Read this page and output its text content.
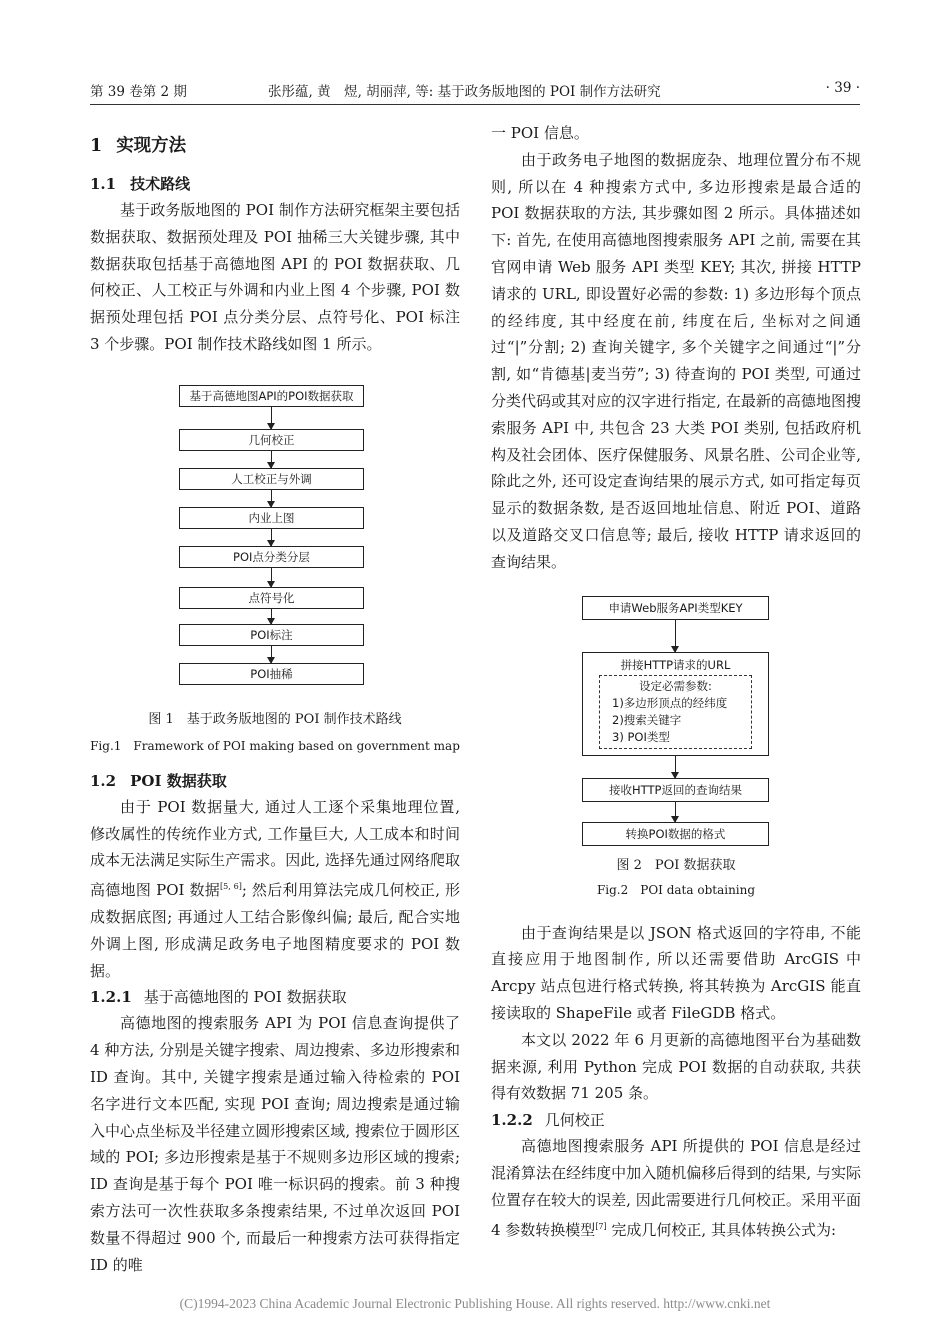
第 39 卷第 2 期	张彤蕴, 黄　煜, 胡丽萍, 等: 基于政务版地图的 POI 制作方法研究	· 39 ·
1 实现方法
1.1 技术路线

基于政务版地图的 POI 制作方法研究框架主要包括数据获取、数据预处理及 POI 抽稀三大关键步骤, 其中数据获取包括基于高德地图 API 的 POI 数据获取、几何校正、人工校正与外调和内业上图 4 个步骤, POI 数据预处理包括 POI 点分类分层、点符号化、POI 标注 3 个步骤。POI 制作技术路线如图 1 所示。

基于高德地图API的POI数据获取
几何校正
人工校正与外调
内业上图
POI点分类分层
点符号化
POI标注
POI抽稀
图 1　基于政务版地图的 POI 制作技术路线
Fig.1　Framework of POI making based on government map
1.2 POI 数据获取

由于 POI 数据量大, 通过人工逐个采集地理位置, 修改属性的传统作业方式, 工作量巨大, 人工成本和时间成本无法满足实际生产需求。因此, 选择先通过网络爬取高德地图 POI 数据[5, 6]; 然后利用算法完成几何校正, 形成数据底图; 再通过人工结合影像纠偏; 最后, 配合实地外调上图, 形成满足政务电子地图精度要求的 POI 数据。

1.2.1 基于高德地图的 POI 数据获取

高德地图的搜索服务 API 为 POI 信息查询提供了 4 种方法, 分别是关键字搜索、周边搜索、多边形搜索和 ID 查询。其中, 关键字搜索是通过输入待检索的 POI 名字进行文本匹配, 实现 POI 查询; 周边搜索是通过输入中心点坐标及半径建立圆形搜索区域, 搜索位于圆形区域的 POI; 多边形搜索是基于不规则多边形区域的搜索; ID 查询是基于每个 POI 唯一标识码的搜索。前 3 种搜索方法可一次性获取多条搜索结果, 不过单次返回 POI 数量不得超过 900 个, 而最后一种搜索方法可获得指定 ID 的唯

一 POI 信息。

由于政务电子地图的数据庞杂、地理位置分布不规则, 所以在 4 种搜索方式中, 多边形搜索是最合适的 POI 数据获取的方法, 其步骤如图 2 所示。具体描述如下: 首先, 在使用高德地图搜索服务 API 之前, 需要在其官网申请 Web 服务 API 类型 KEY; 其次, 拼接 HTTP 请求的 URL, 即设置好必需的参数: 1) 多边形每个顶点的经纬度, 其中经度在前, 纬度在后, 坐标对之间通过“|”分割; 2) 查询关键字, 多个关键字之间通过“|”分割, 如“肯德基|麦当劳”; 3) 待查询的 POI 类型, 可通过分类代码或其对应的汉字进行指定, 在最新的高德地图搜索服务 API 中, 共包含 23 大类 POI 类别, 包括政府机构及社会团体、医疗保健服务、风景名胜、公司企业等, 除此之外, 还可设定查询结果的展示方式, 如可指定每页显示的数据条数, 是否返回地址信息、附近 POI、道路以及道路交叉口信息等; 最后, 接收 HTTP 请求返回的查询结果。

申请Web服务API类型KEY
拼接HTTP请求的URL
设定必需参数:
1)多边形顶点的经纬度
2)搜索关键字
3) POI类型
接收HTTP返回的查询结果
转换POI数据的格式
图 2　POI 数据获取
Fig.2　POI data obtaining

由于查询结果是以 JSON 格式返回的字符串, 不能直接应用于地图制作, 所以还需要借助 ArcGIS 中 Arcpy 站点包进行格式转换, 将其转换为 ArcGIS 能直接读取的 ShapeFile 或者 FileGDB 格式。

本文以 2022 年 6 月更新的高德地图平台为基础数据来源, 利用 Python 完成 POI 数据的自动获取, 共获得有效数据 71 205 条。

1.2.2 几何校正

高德地图搜索服务 API 所提供的 POI 信息是经过混淆算法在经纬度中加入随机偏移后得到的结果, 与实际位置存在较大的误差, 因此需要进行几何校正。采用平面 4 参数转换模型[7] 完成几何校正, 其具体转换公式为:

(C)1994-2023 China Academic Journal Electronic Publishing House. All rights reserved. http://www.cnki.net
